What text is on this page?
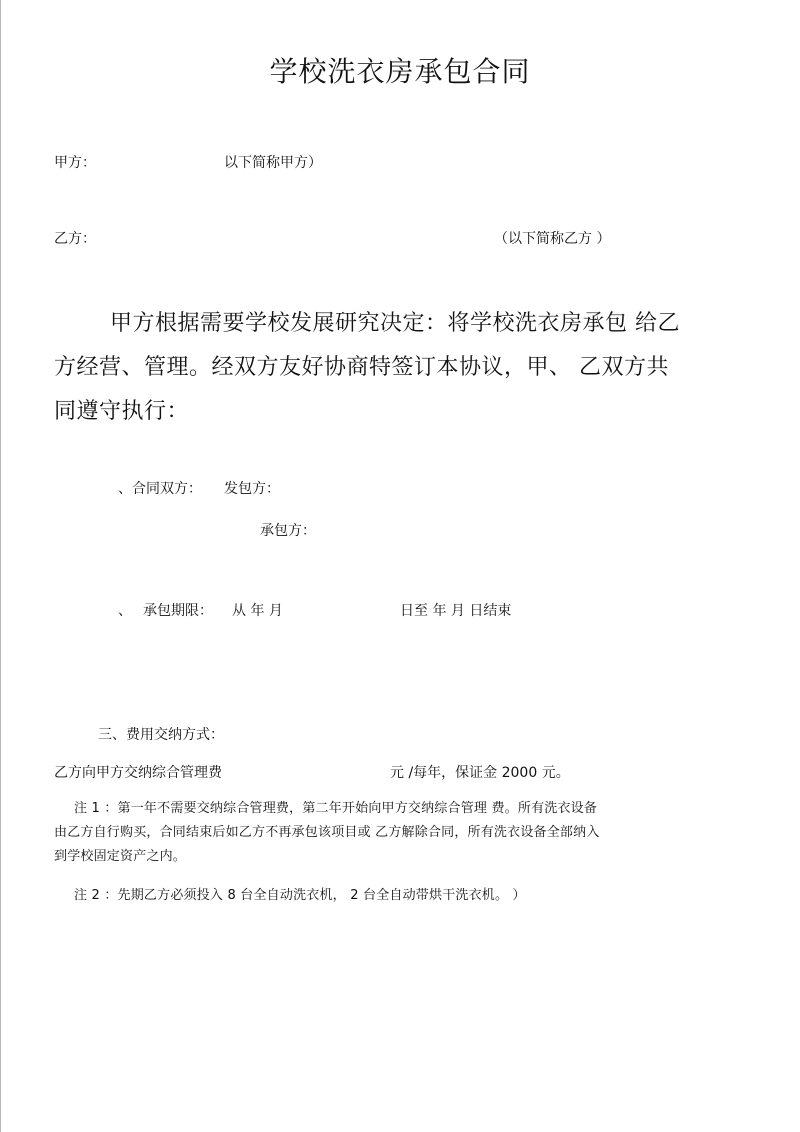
学校洗衣房承包合同
甲方：	以下简称甲方）
乙方：	（以下简称乙方 ）
甲方根据需要学校发展研究决定：将学校洗衣房承包 给乙
方经营、管理。经双方友好协商特签订本协议，甲、 乙双方共
同遵守执行：
、合同双方： 发包方：
承包方：
、 承包期限： 从 年 月	日至 年 月 日结束
三、费用交纳方式：
乙方向甲方交纳综合管理费	元 /每年，保证金 2000 元。
注 1 ：第一年不需要交纳综合管理费，第二年开始向甲方交纳综合管理 费。所有洗衣设备
由乙方自行购买，合同结束后如乙方不再承包该项目或 乙方解除合同，所有洗衣设备全部纳入
到学校固定资产之内。
注 2 ：先期乙方必须投入 8 台全自动洗衣机， 2 台全自动带烘干洗衣机。 ）
